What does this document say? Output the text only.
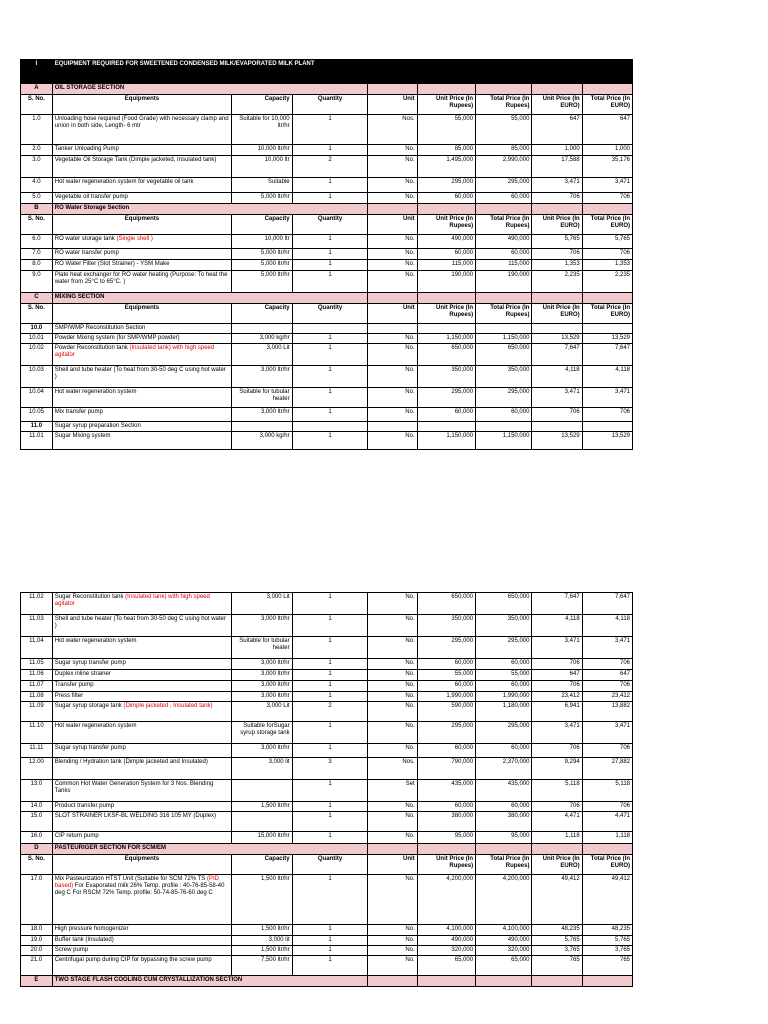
I	EQUIPMENT REQUIRED FOR SWEETENED CONDENSED MILK/EVAPORATED MILK PLANT							
A	OIL STORAGE SECTION							
S. No.	Equipments	Capacity	Quantity	Unit	Unit Price (In Rupees)	Total Price (In Rupees)	Unit Price (In EURO)	Total Price (In EURO)
1.0	Unloading hose required (Food Grade) with necessary clamp and union in both side, Length- 6 mtr	Suitable for 10,000 ltr/hr	1	Nos.	55,000	55,000	647	647
2.0	Tanker Unloading Pump	10,000 ltr/hr	1	No.	85,000	85,000	1,000	1,000
3.0	Vegetable Oil Storage Tank (Dimple jacketed, Insulated tank)	10,000 ltr	2	No.	1,495,000	2,990,000	17,588	35,176
4.0	Hot water regeneration system for vegetable oil tank	Suitable	1	No.	295,000	295,000	3,471	3,471
5.0	Vegetable oil transfer pump	5,000 ltr/hr	1	No.	60,000	60,000	706	706
B	RO Water Storage Section							
S. No.	Equipments	Capacity	Quantity	Unit	Unit Price (In Rupees)	Total Price (In Rupees)	Unit Price (In EURO)	Total Price (In EURO)
6.0	RO water storage tank (Single shell )	10,000 ltr	1	No.	490,000	490,000	5,765	5,765
7.0	RO water transfer pump	5,000 ltr/hr	1	No.	60,000	60,000	706	706
8.0	RO Water Filter (Slot Strainer) - YSM Make	5,000 ltr/hr	1	No.	115,000	115,000	1,353	1,353
9.0	Plate heat exchanger for RO water heating (Purpose: To heat the water from 25°C to 65°C. )	5,000 ltr/hr	1	No.	190,000	190,000	2,235	2,235
C	MIXING SECTION							
S. No.	Equipments	Capacity	Quantity	Unit	Unit Price (In Rupees)	Total Price (In Rupees)	Unit Price (In EURO)	Total Price (In EURO)
10.0	SMP/WMP Reconstitution Section							
10.01	Powder Mixing system (for SMP/WMP powder)	3,000 kg/hr	1	No.	1,150,000	1,150,000	13,529	13,529
10.02	Powder Reconstitution tank (Insulated tank) with high speed agitator	3,000 Lit	1	No.	650,000	650,000	7,647	7,647
10.03	Shell and tube heater (To heat from 30-50 deg C using hot water )	3,000 ltr/hr	1	No.	350,000	350,000	4,118	4,118
10.04	Hot water regeneration system	Suitable for tubular heater	1	No.	295,000	295,000	3,471	3,471
10.05	Mix transfer pump	3,000 ltr/hr	1	No.	60,000	60,000	706	706
11.0	Sugar syrup preparation Section							
11.01	Sugar Mixing system	3,000 kg/hr	1	No.	1,150,000	1,150,000	13,529	13,529
11.02	Sugar Reconstitution tank (Insulated tank) with high speed agitator	3,000 Lit	1	No.	650,000	650,000	7,647	7,647
11.03	Shell and tube heater (To heat from 30-50 deg C using hot water )	3,000 ltr/hr	1	No.	350,000	350,000	4,118	4,118
11.04	Hot water regeneration system	Suitable for tubular heater	1	No.	295,000	295,000	3,471	3,471
11.05	Sugar syrup transfer pump	3,000 ltr/hr	1	No.	60,000	60,000	706	706
11.06	Duplex inline strainer	3,000 ltr/hr	1	No.	55,000	55,000	647	647
11.07	Transfer pump	3,000 ltr/hr	1	No.	60,000	60,000	706	706
11.08	Press filter	3,000 ltr/hr	1	No.	1,990,000	1,990,000	23,412	23,412
11.09	Sugar syrup storage tank (Dimple jacketed , Insulated tank)	3,000 Lit	2	No.	590,000	1,180,000	6,941	13,882
11.10	Hot water regeneration system	Suitable forSugar syrup storage tank	1	No.	295,000	295,000	3,471	3,471
11.11	Sugar syrup transfer pump	3,000 ltr/hr	1	No.	60,000	60,000	706	706
12.00	Blending / Hydration tank (Dimple jacketed and Insulated)	3,000 lit	3	Nos.	790,000	2,370,000	9,294	27,882
13.0	Common Hot Water Generation System for 3 Nos. Blending Tanks		1	Set	435,000	435,000	5,118	5,118
14.0	Product transfer pump	1,500 ltr/hr	1	No.	60,000	60,000	706	706
15.0	SLOT STRAINER LKSF-BL WELDING 316 105 MY (Duplex)		1	No.	380,000	380,000	4,471	4,471
16.0	CIP return pump	15,000 ltr/hr	1	No.	95,000	95,000	1,118	1,118
D	PASTEURIGER SECTION FOR SCM/EM							
S. No.	Equipments	Capacity	Quantity	Unit	Unit Price (In Rupees)	Total Price (In Rupees)	Unit Price (In EURO)	Total Price (In EURO)
17.0	Mix Pasteurization HTST Unit (Suitable for SCM 72% TS (PID based) For Evaporated milk 26% Temp. profile : 40-76-85-58-40 deg C For RSCM 72% Temp. profile: 50-74-85-76-60 deg C	1,500 ltr/hr	1	No.	4,200,000	4,200,000	49,412	49,412
18.0	High pressure homogenizer	1,500 ltr/hr	1	No.	4,100,000	4,100,000	48,235	48,235
19.0	Buffer tank (Insulated)	3,000 lit	1	No.	490,000	490,000	5,765	5,765
20.0	Screw pump	1,500 ltr/hr	1	No.	320,000	320,000	3,765	3,765
21.0	Centrifugal pump during CIP for bypassing the screw pump	7,500 ltr/hr	1	No.	65,000	65,000	765	765
E	TWO STAGE FLASH COOLING CUM CRYSTALLIZATION SECTION							
